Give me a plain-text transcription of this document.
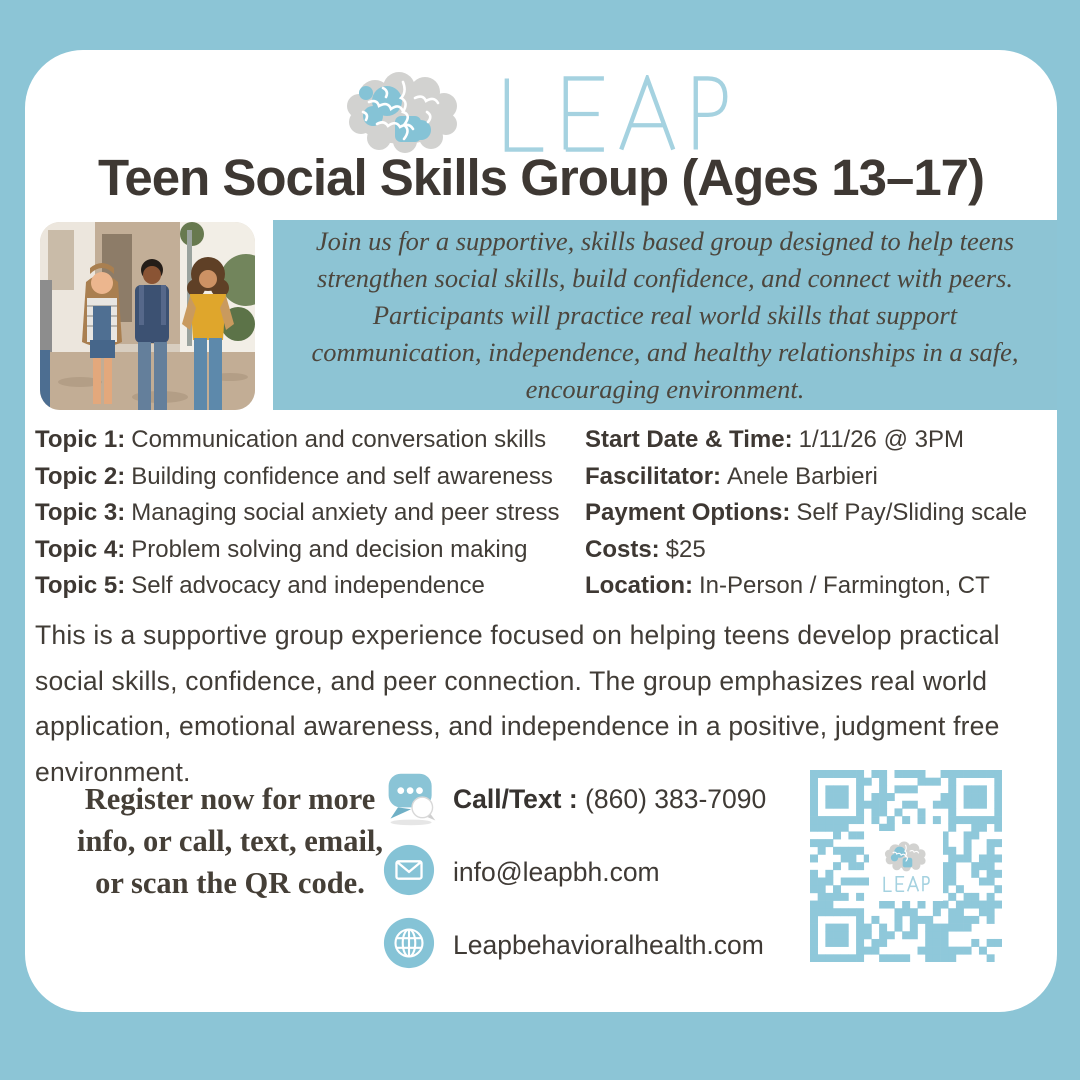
Teen Social Skills Group (Ages 13–17)

Join us for a supportive, skills based group designed to help teens strengthen social skills, build confidence, and connect with peers. Participants will practice real world skills that support communication, independence, and healthy relationships in a safe, encouraging environment.

Topic 1: Communication and conversation skills
Topic 2: Building confidence and self awareness
Topic 3: Managing social anxiety and peer stress
Topic 4: Problem solving and decision making
Topic 5: Self advocacy and independence
Start Date & Time: 1/11/26 @ 3PM
Fascilitator: Anele Barbieri
Payment Options: Self Pay/Sliding scale
Costs: $25
Location: In-Person / Farmington, CT

This is a supportive group experience focused on helping teens develop practical social skills, confidence, and peer connection. The group emphasizes real world application, emotional awareness, and independence in a positive, judgment free environment.

Register now for more info, or call, text, email, or scan the QR code.

Call/Text : (860) 383-7090
info@leapbh.com
Leapbehavioralhealth.com
